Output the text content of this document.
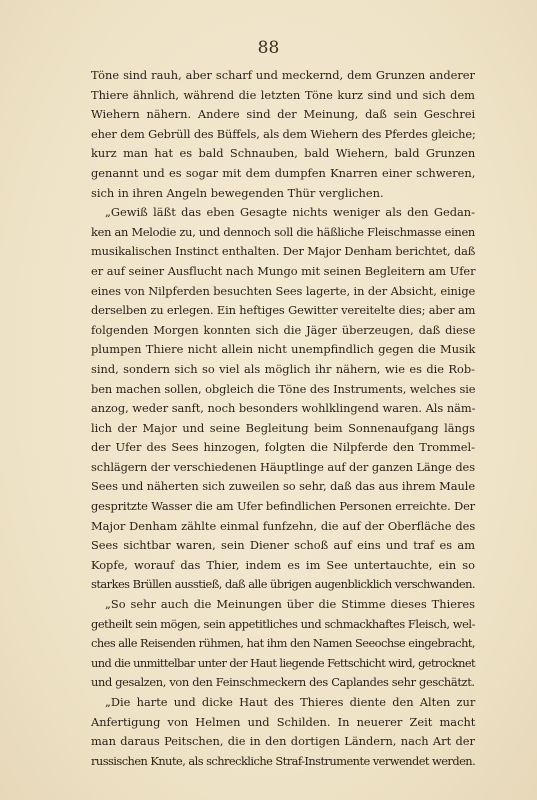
88
Töne sind rauh, aber scharf und meckernd, dem Grunzen anderer
Thiere ähnlich, während die letzten Töne kurz sind und sich dem
Wiehern nähern. Andere sind der Meinung, daß sein Geschrei
eher dem Gebrüll des Büffels, als dem Wiehern des Pferdes gleiche;
kurz man hat es bald Schnauben, bald Wiehern, bald Grunzen
genannt und es sogar mit dem dumpfen Knarren einer schweren,
sich in ihren Angeln bewegenden Thür verglichen.
„Gewiß läßt das eben Gesagte nichts weniger als den Gedan-
ken an Melodie zu, und dennoch soll die häßliche Fleischmasse einen
musikalischen Instinct enthalten. Der Major Denham berichtet, daß
er auf seiner Ausflucht nach Mungo mit seinen Begleitern am Ufer
eines von Nilpferden besuchten Sees lagerte, in der Absicht, einige
derselben zu erlegen. Ein heftiges Gewitter vereitelte dies; aber am
folgenden Morgen konnten sich die Jäger überzeugen, daß diese
plumpen Thiere nicht allein nicht unempfindlich gegen die Musik
sind, sondern sich so viel als möglich ihr nähern, wie es die Rob-
ben machen sollen, obgleich die Töne des Instruments, welches sie
anzog, weder sanft, noch besonders wohlklingend waren. Als näm-
lich der Major und seine Begleitung beim Sonnenaufgang längs
der Ufer des Sees hinzogen, folgten die Nilpferde den Trommel-
schlägern der verschiedenen Häuptlinge auf der ganzen Länge des
Sees und näherten sich zuweilen so sehr, daß das aus ihrem Maule
gespritzte Wasser die am Ufer befindlichen Personen erreichte. Der
Major Denham zählte einmal funfzehn, die auf der Oberfläche des
Sees sichtbar waren, sein Diener schoß auf eins und traf es am
Kopfe, worauf das Thier, indem es im See untertauchte, ein so
starkes Brüllen ausstieß, daß alle übrigen augenblicklich verschwanden.
„So sehr auch die Meinungen über die Stimme dieses Thieres
getheilt sein mögen, sein appetitliches und schmackhaftes Fleisch, wel-
ches alle Reisenden rühmen, hat ihm den Namen Seeochse eingebracht,
und die unmittelbar unter der Haut liegende Fettschicht wird, getrocknet
und gesalzen, von den Feinschmeckern des Caplandes sehr geschätzt.
„Die harte und dicke Haut des Thieres diente den Alten zur
Anfertigung von Helmen und Schilden. In neuerer Zeit macht
man daraus Peitschen, die in den dortigen Ländern, nach Art der
russischen Knute, als schreckliche Straf-Instrumente verwendet werden.
